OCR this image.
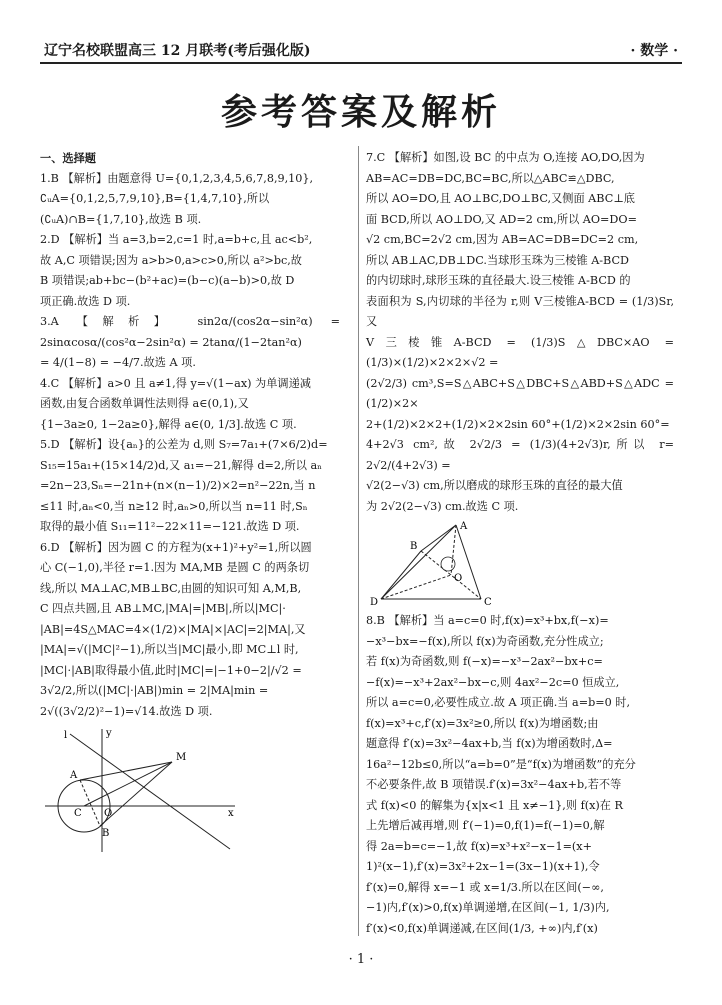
辽宁名校联盟高三 12 月联考(考后强化版)	· 数学 ·
参考答案及解析
一、选择题

1.B 【解析】由题意得 U={0,1,2,3,4,5,6,7,8,9,10},

∁ᵤA={0,1,2,5,7,9,10},B={1,4,7,10},所以

(∁ᵤA)∩B={1,7,10},故选 B 项.

2.D 【解析】当 a=3,b=2,c=1 时,a=b+c,且 ac<b²,

故 A,C 项错误;因为 a>b>0,a>c>0,所以 a²>bc,故

B 项错误;ab+bc−(b²+ac)=(b−c)(a−b)>0,故 D

项正确.故选 D 项.

3.A 【解析】 sin2α/(cos2α−sin²α) = 2sinαcosα/(cos²α−2sin²α) = 2tanα/(1−2tan²α)

= 4/(1−8) = −4/7.故选 A 项.

4.C 【解析】a>0 且 a≠1,得 y=√(1−ax) 为单调递减

函数,由复合函数单调性法则得 a∈(0,1),又

{1−3a≥0, 1−2a≥0},解得 a∈(0, 1/3].故选 C 项.

5.D 【解析】设{aₙ}的公差为 d,则 S₇=7a₁+(7×6/2)d=

S₁₅=15a₁+(15×14/2)d,又 a₁=−21,解得 d=2,所以 aₙ

=2n−23,Sₙ=−21n+(n×(n−1)/2)×2=n²−22n,当 n

≤11 时,aₙ<0,当 n≥12 时,aₙ>0,所以当 n=11 时,Sₙ

取得的最小值 S₁₁=11²−22×11=−121.故选 D 项.

6.D 【解析】因为圆 C 的方程为(x+1)²+y²=1,所以圆

心 C(−1,0),半径 r=1.因为 MA,MB 是圆 C 的两条切

线,所以 MA⊥AC,MB⊥BC,由圆的知识可知 A,M,B,

C 四点共圆,且 AB⊥MC,|MA|=|MB|,所以|MC|·

|AB|=4S△MAC=4×(1/2)×|MA|×|AC|=2|MA|,又

|MA|=√(|MC|²−1),所以当|MC|最小,即 MC⊥l 时,

|MC|·|AB|取得最小值,此时|MC|=|−1+0−2|/√2 =

3√2/2,所以(|MC|·|AB|)min = 2|MA|min =

2√((3√2/2)²−1)=√14.故选 D 项.

l	y
A
M
C O	x
B

7.C 【解析】如图,设 BC 的中点为 O,连接 AO,DO,因为

AB=AC=DB=DC,BC=BC,所以△ABC≌△DBC,

所以 AO=DO,且 AO⊥BC,DO⊥BC,又侧面 ABC⊥底

面 BCD,所以 AO⊥DO,又 AD=2 cm,所以 AO=DO=

√2 cm,BC=2√2 cm,因为 AB=AC=DB=DC=2 cm,

所以 AB⊥AC,DB⊥DC.当球形玉珠为三棱锥 A-BCD

的内切球时,球形玉珠的直径最大.设三棱锥 A-BCD 的

表面积为 S,内切球的半径为 r,则 V三棱锥A-BCD = (1/3)Sr,又

V三棱锥A-BCD = (1/3)S△DBC×AO = (1/3)×(1/2)×2×2×√2 =

(2√2/3) cm³,S=S△ABC+S△DBC+S△ABD+S△ADC = (1/2)×2×

2+(1/2)×2×2+(1/2)×2×2sin 60°+(1/2)×2×2sin 60°=

4+2√3 cm²,故 2√2/3 = (1/3)(4+2√3)r,所以 r= 2√2/(4+2√3) =

√2(2−√3) cm,所以磨成的球形玉珠的直径的最大值

为 2√2(2−√3) cm.故选 C 项.

A
B
O
D	C

8.B 【解析】当 a=c=0 时,f(x)=x³+bx,f(−x)=

−x³−bx=−f(x),所以 f(x)为奇函数,充分性成立;

若 f(x)为奇函数,则 f(−x)=−x³−2ax²−bx+c=

−f(x)=−x³+2ax²−bx−c,则 4ax²−2c=0 恒成立,

所以 a=c=0,必要性成立.故 A 项正确.当 a=b=0 时,

f(x)=x³+c,f′(x)=3x²≥0,所以 f(x)为增函数;由

题意得 f′(x)=3x²−4ax+b,当 f(x)为增函数时,Δ=

16a²−12b≤0,所以“a=b=0”是“f(x)为增函数”的充分

不必要条件,故 B 项错误.f′(x)=3x²−4ax+b,若不等

式 f(x)<0 的解集为{x|x<1 且 x≠−1},则 f(x)在 R

上先增后减再增,则 f′(−1)=0,f(1)=f(−1)=0,解

得 2a=b=c=−1,故 f(x)=x³+x²−x−1=(x+

1)²(x−1),f′(x)=3x²+2x−1=(3x−1)(x+1),令

f′(x)=0,解得 x=−1 或 x=1/3.所以在区间(−∞,

−1)内,f′(x)>0,f(x)单调递增,在区间(−1, 1/3)内,

f′(x)<0,f(x)单调递减,在区间(1/3, +∞)内,f′(x)

· 1 ·
